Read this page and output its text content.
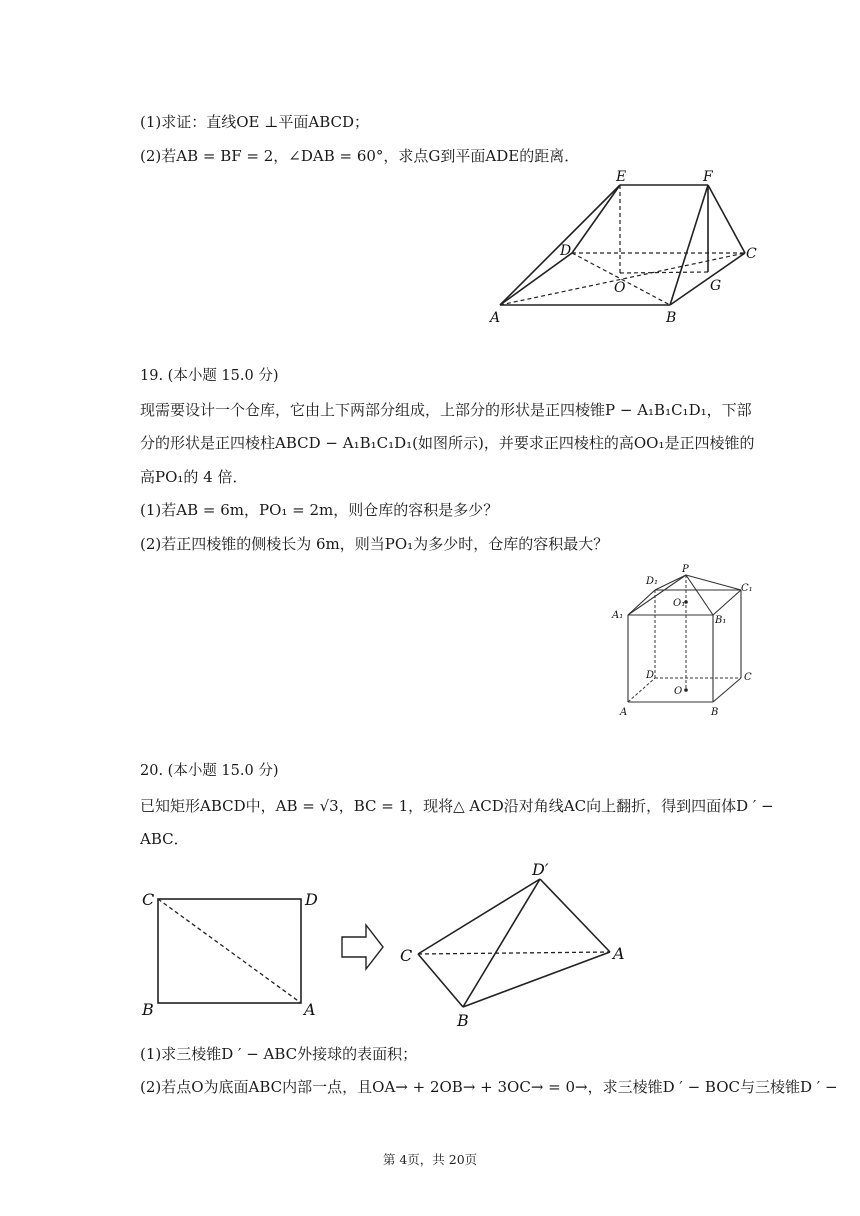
(1)求证：直线OE ⊥平面ABCD；
(2)若AB = BF = 2，∠DAB = 60°，求点G到平面ADE的距离．
E	F
D	C
O	G
A	B
19. (本小题 15.0 分)
现需要设计一个仓库，它由上下两部分组成，上部分的形状是正四棱锥P − A₁B₁C₁D₁，下部
分的形状是正四棱柱ABCD − A₁B₁C₁D₁(如图所示)，并要求正四棱柱的高OO₁是正四棱锥的
高PO₁的 4 倍．
(1)若AB = 6m，PO₁ = 2m，则仓库的容积是多少？
(2)若正四棱锥的侧棱长为 6m，则当PO₁为多少时，仓库的容积最大？
P
D₁
C₁
A₁	B₁
O₁
D	C
O
A	B
20. (本小题 15.0 分)
已知矩形ABCD中，AB = √3，BC = 1，现将△ ACD沿对角线AC向上翻折，得到四面体D ′ −
ABC．
C	D
B	A
D′
C	A
B
(1)求三棱锥D ′ − ABC外接球的表面积；
(2)若点O为底面ABC内部一点，且OA→ + 2OB→ + 3OC→ = 0→，求三棱锥D ′ − BOC与三棱锥D ′ −
第 4页，共 20页
